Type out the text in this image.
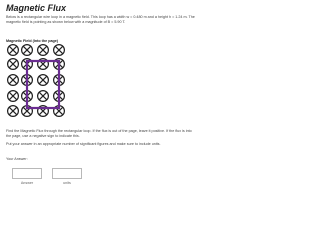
Magnetic Flux
Below is a rectangular wire loop in a magnetic field. This loop has a width w = 0.480 m and a height h = 1.24 m. The magnetic field is pointing as shown below with a magnitude of B = 5.90 T.
Magnetic Field (Into the page)
Find the Magnetic Flux through the rectangular loop. If the flux is out of the page, leave it positive. If the flux is into the page, use a negative sign to indicate this.
Put your answer in an appropriate number of significant figures and make sure to include units.
Your Answer:
Answer	units
